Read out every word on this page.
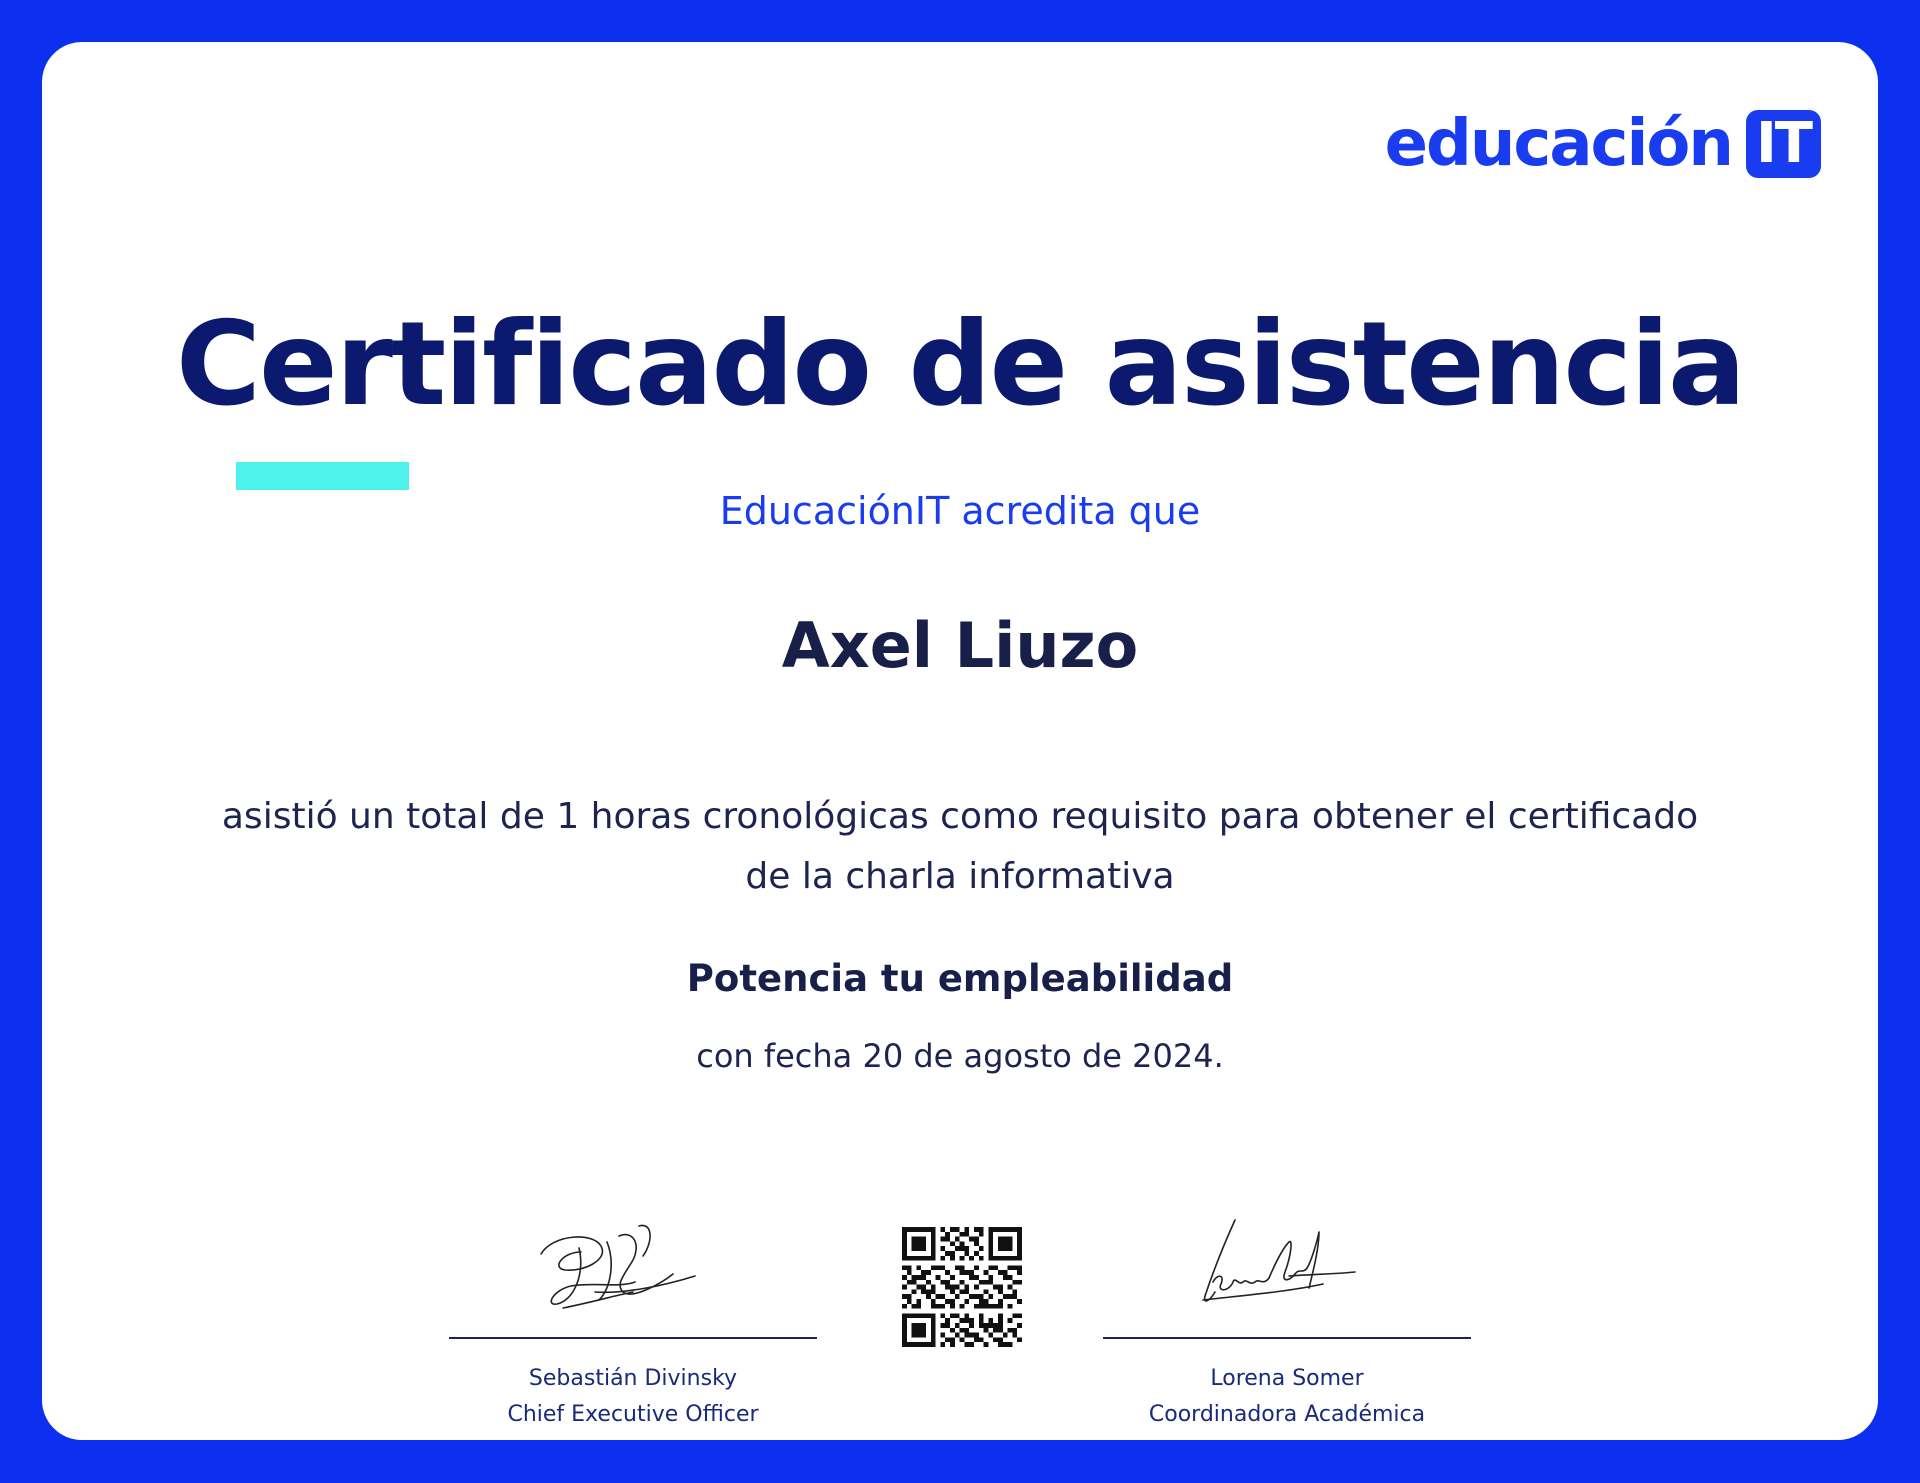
educación IT
Certificado de asistencia
EducaciónIT acredita que
Axel Liuzo
asistió un total de 1 horas cronológicas como requisito para obtener el certificado
de la charla informativa
Potencia tu empleabilidad
con fecha 20 de agosto de 2024.
Sebastián Divinsky
Chief Executive Officer
Lorena Somer
Coordinadora Académica
